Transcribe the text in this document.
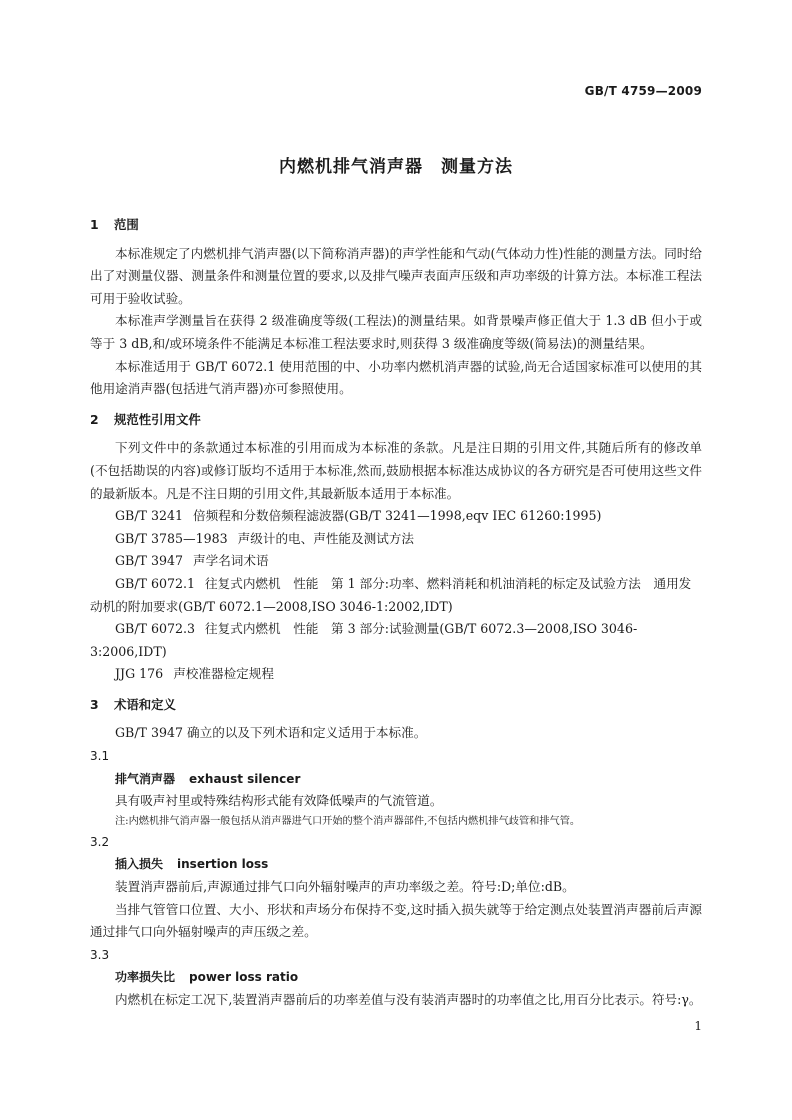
GB/T 4759—2009
内燃机排气消声器　测量方法
1 范围

本标准规定了内燃机排气消声器(以下简称消声器)的声学性能和气动(气体动力性)性能的测量方法。同时给出了对测量仪器、测量条件和测量位置的要求,以及排气噪声表面声压级和声功率级的计算方法。本标准工程法可用于验收试验。

本标准声学测量旨在获得 2 级准确度等级(工程法)的测量结果。如背景噪声修正值大于 1.3 dB 但小于或等于 3 dB,和/或环境条件不能满足本标准工程法要求时,则获得 3 级准确度等级(简易法)的测量结果。

本标准适用于 GB/T 6072.1 使用范围的中、小功率内燃机消声器的试验,尚无合适国家标准可以使用的其他用途消声器(包括进气消声器)亦可参照使用。

2 规范性引用文件

下列文件中的条款通过本标准的引用而成为本标准的条款。凡是注日期的引用文件,其随后所有的修改单(不包括勘误的内容)或修订版均不适用于本标准,然而,鼓励根据本标准达成协议的各方研究是否可使用这些文件的最新版本。凡是不注日期的引用文件,其最新版本适用于本标准。

GB/T 3241 倍频程和分数倍频程滤波器(GB/T 3241—1998,eqv IEC 61260:1995)

GB/T 3785—1983 声级计的电、声性能及测试方法

GB/T 3947 声学名词术语

GB/T 6072.1 往复式内燃机　性能　第 1 部分:功率、燃料消耗和机油消耗的标定及试验方法　通用发动机的附加要求(GB/T 6072.1—2008,ISO 3046-1:2002,IDT)

GB/T 6072.3 往复式内燃机　性能　第 3 部分:试验测量(GB/T 6072.3—2008,ISO 3046-3:2006,IDT)

JJG 176 声校准器检定规程

3 术语和定义

GB/T 3947 确立的以及下列术语和定义适用于本标准。

3.1

排气消声器 exhaust silencer

具有吸声衬里或特殊结构形式能有效降低噪声的气流管道。

注:内燃机排气消声器一般包括从消声器进气口开始的整个消声器部件,不包括内燃机排气歧管和排气管。

3.2

插入损失 insertion loss

装置消声器前后,声源通过排气口向外辐射噪声的声功率级之差。符号:D;单位:dB。

当排气管管口位置、大小、形状和声场分布保持不变,这时插入损失就等于给定测点处装置消声器前后声源通过排气口向外辐射噪声的声压级之差。

3.3

功率损失比 power loss ratio

内燃机在标定工况下,装置消声器前后的功率差值与没有装消声器时的功率值之比,用百分比表示。符号:γ。

1
